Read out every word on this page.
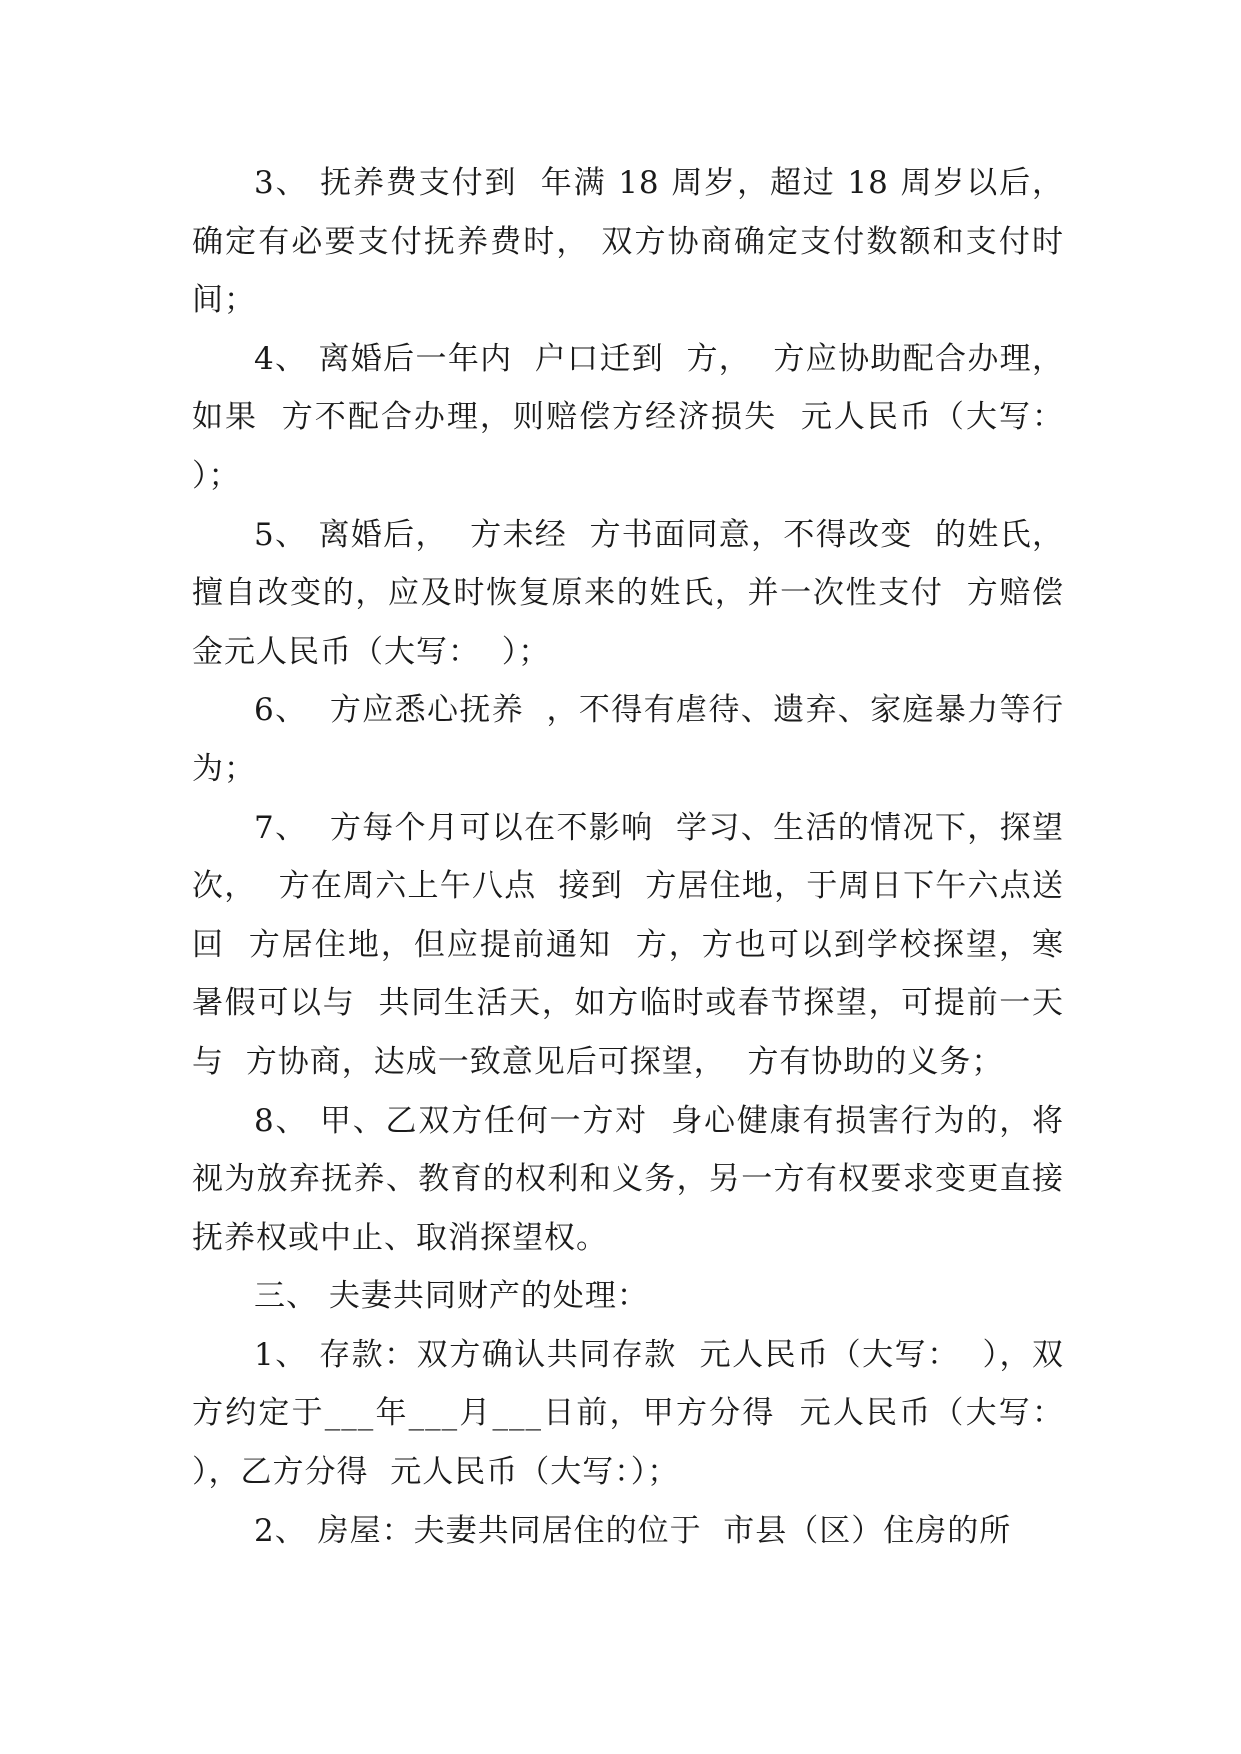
3、 抚养费支付到  年满 18 周岁，超过 18 周岁以后，确定有必要支付抚养费时， 双方协商确定支付数额和支付时间；

4、 离婚后一年内  户口迁到  方，  方应协助配合办理，如果  方不配合办理，则赔偿方经济损失  元人民币（大写：  ）；

5、 离婚后，  方未经  方书面同意，不得改变  的姓氏，擅自改变的，应及时恢复原来的姓氏，并一次性支付  方赔偿金元人民币（大写：  ）；

6、  方应悉心抚养  ，不得有虐待、遗弃、家庭暴力等行为；

7、  方每个月可以在不影响  学习、生活的情况下，探望  次，  方在周六上午八点  接到  方居住地，于周日下午六点送回  方居住地，但应提前通知  方，方也可以到学校探望，寒暑假可以与  共同生活天，如方临时或春节探望，可提前一天与  方协商，达成一致意见后可探望，  方有协助的义务；

8、 甲、乙双方任何一方对  身心健康有损害行为的，将视为放弃抚养、教育的权利和义务，另一方有权要求变更直接抚养权或中止、取消探望权。

三、 夫妻共同财产的处理：

1、 存款：双方确认共同存款  元人民币（大写：  ），双方约定于___年___月___日前，甲方分得  元人民币（大写：  ），乙方分得  元人民币（大写：）；

2、 房屋：夫妻共同居住的位于  市县（区）住房的所
